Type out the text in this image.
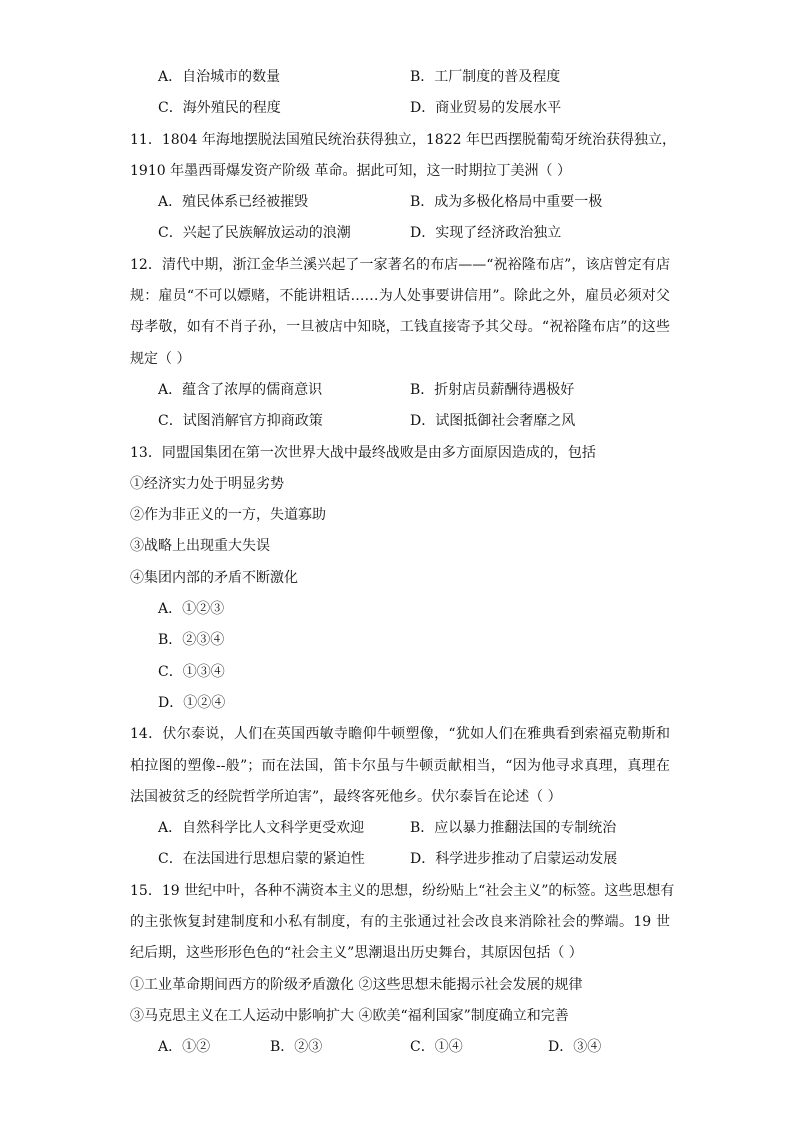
A．自治城市的数量	B．工厂制度的普及程度
C．海外殖民的程度	D．商业贸易的发展水平
11．1804 年海地摆脱法国殖民统治获得独立，1822 年巴西摆脱葡萄牙统治获得独立，
1910 年墨西哥爆发资产阶级 革命。据此可知，这一时期拉丁美洲（ ）
A．殖民体系已经被摧毁	B．成为多极化格局中重要一极
C．兴起了民族解放运动的浪潮	D．实现了经济政治独立
12．清代中期，浙江金华兰溪兴起了一家著名的布店——“祝裕隆布店”，该店曾定有店
规：雇员“不可以嫖赌，不能讲粗话……为人处事要讲信用”。除此之外，雇员必须对父
母孝敬，如有不肖子孙，一旦被店中知晓，工钱直接寄予其父母。“祝裕隆布店”的这些
规定（ ）
A．蕴含了浓厚的儒商意识	B．折射店员薪酬待遇极好
C．试图消解官方抑商政策	D．试图抵御社会奢靡之风
13．同盟国集团在第一次世界大战中最终战败是由多方面原因造成的，包括
①经济实力处于明显劣势
②作为非正义的一方，失道寡助
③战略上出现重大失误
④集团内部的矛盾不断激化
A．①②③
B．②③④
C．①③④
D．①②④
14．伏尔泰说，人们在英国西敏寺瞻仰牛顿塑像，“犹如人们在雅典看到索福克勒斯和
柏拉图的塑像--般”；而在法国，笛卡尔虽与牛顿贡献相当，“因为他寻求真理，真理在
法国被贫乏的经院哲学所迫害”，最终客死他乡。伏尔泰旨在论述（ ）
A．自然科学比人文科学更受欢迎	B．应以暴力推翻法国的专制统治
C．在法国进行思想启蒙的紧迫性	D．科学进步推动了启蒙运动发展
15．19 世纪中叶，各种不满资本主义的思想，纷纷贴上“社会主义”的标签。这些思想有
的主张恢复封建制度和小私有制度，有的主张通过社会改良来消除社会的弊端。19 世
纪后期，这些形形色色的“社会主义”思潮退出历史舞台，其原因包括（ ）
①工业革命期间西方的阶级矛盾激化 ②这些思想未能揭示社会发展的规律
③马克思主义在工人运动中影响扩大 ④欧美“福利国家”制度确立和完善
A．①②	B．②③	C．①④	D．③④
